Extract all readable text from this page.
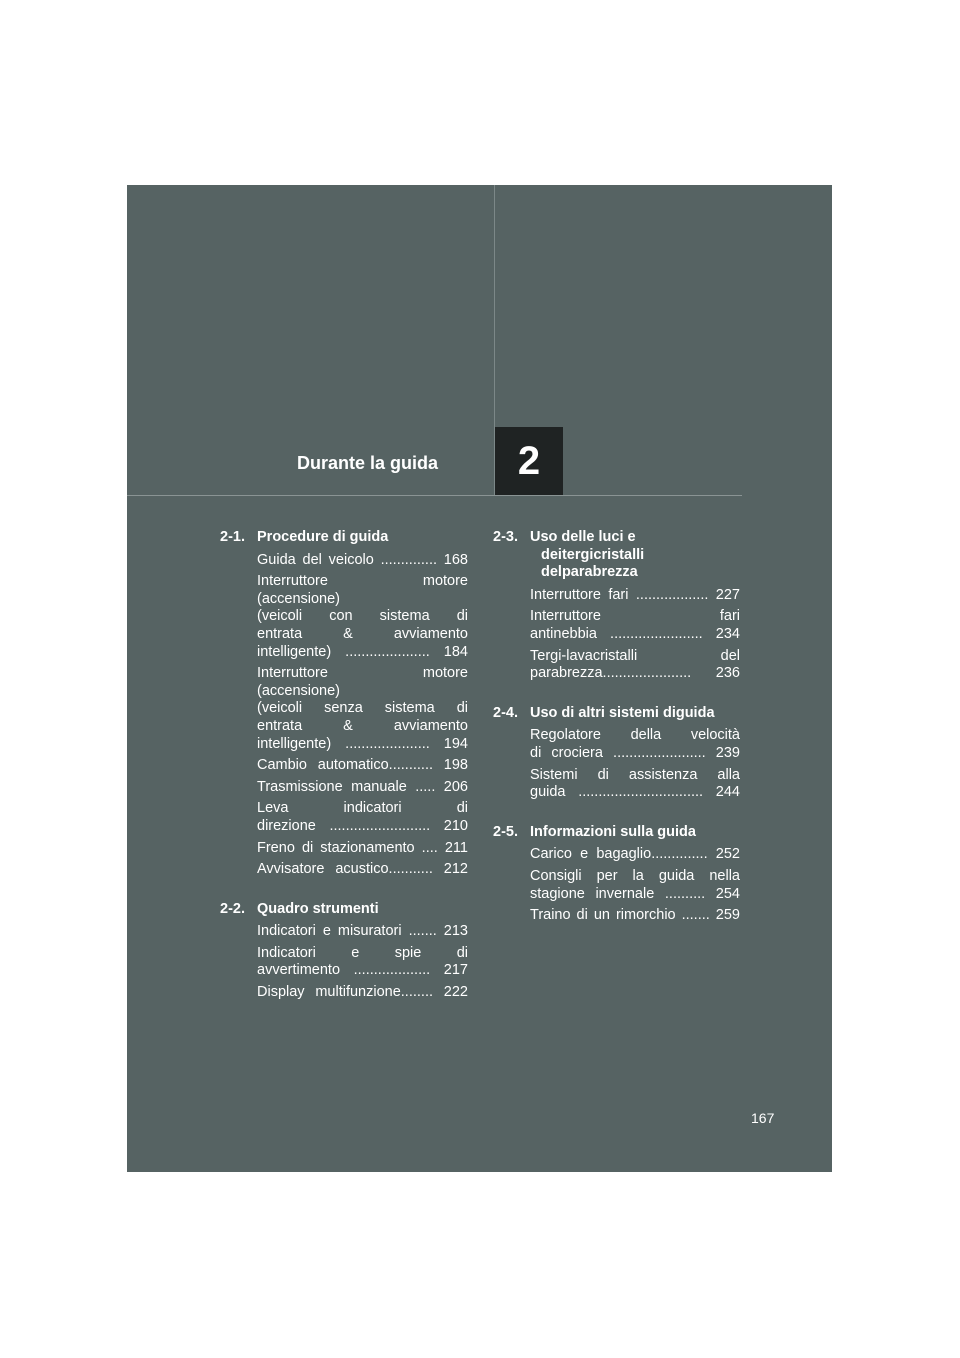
Durante la guida 2
2-1. Procedure di guida
Guida del veicolo .............. 168
Interruttore motore
(accensione)
(veicoli con sistema di
entrata & avviamento
intelligente) ..................... 184
Interruttore motore
(accensione)
(veicoli senza sistema di
entrata & avviamento
intelligente) ..................... 194
Cambio automatico........... 198
Trasmissione manuale ..... 206
Leva indicatori di
direzione ......................... 210
Freno di stazionamento .... 211
Avvisatore acustico........... 212
2-2. Quadro strumenti
Indicatori e misuratori ....... 213
Indicatori e spie di
avvertimento ................... 217
Display multifunzione........ 222
2-3. Uso delle luci e deitergicristalli delparabrezza
Interruttore fari .................. 227
Interruttore fari
antinebbia ....................... 234
Tergi-lavacristalli del
parabrezza...................... 236
2-4. Uso di altri sistemi diguida
Regolatore della velocità
di crociera ....................... 239
Sistemi di assistenza alla
guida ............................... 244
2-5. Informazioni sulla guida
Carico e bagaglio.............. 252
Consigli per la guida nella
stagione invernale .......... 254
Traino di un rimorchio ....... 259
167
